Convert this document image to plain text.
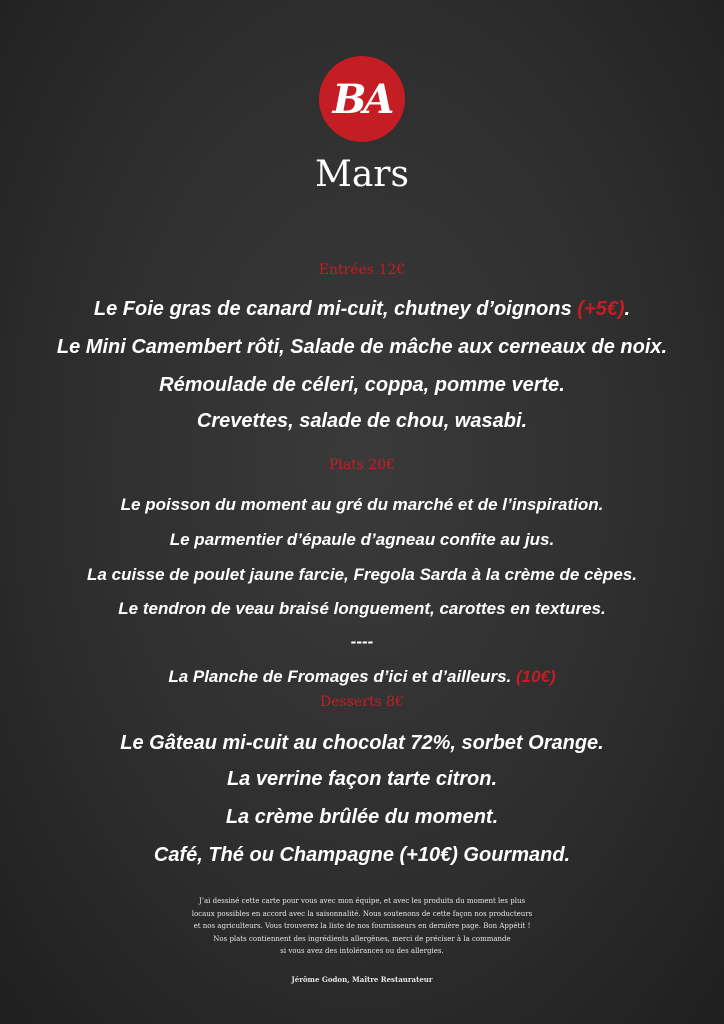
BA
Mars
Entrées 12€
Le Foie gras de canard mi-cuit, chutney d’oignons (+5€).
Le Mini Camembert rôti, Salade de mâche aux cerneaux de noix.
Rémoulade de céleri, coppa, pomme verte.
Crevettes, salade de chou, wasabi.
Plats 20€
Le poisson du moment au gré du marché et de l’inspiration.
Le parmentier d’épaule d’agneau confite au jus.
La cuisse de poulet jaune farcie, Fregola Sarda à la crème de cèpes.
Le tendron de veau braisé longuement, carottes en textures.
----
La Planche de Fromages d’ici et d’ailleurs. (10€)
Desserts 8€
Le Gâteau mi-cuit au chocolat 72%, sorbet Orange.
La verrine façon tarte citron.
La crème brûlée du moment.
Café, Thé ou Champagne (+10€) Gourmand.
J’ai dessiné cette carte pour vous avec mon équipe, et avec les produits du moment les plus
locaux possibles en accord avec la saisonnalité. Nous soutenons de cette façon nos producteurs
et nos agriculteurs. Vous trouverez la liste de nos fournisseurs en dernière page. Bon Appétit !
Nos plats contiennent des ingrédients allergènes, merci de préciser à la commande
si vous avez des intolérances ou des allergies.
Jérôme Godon, Maître Restaurateur
